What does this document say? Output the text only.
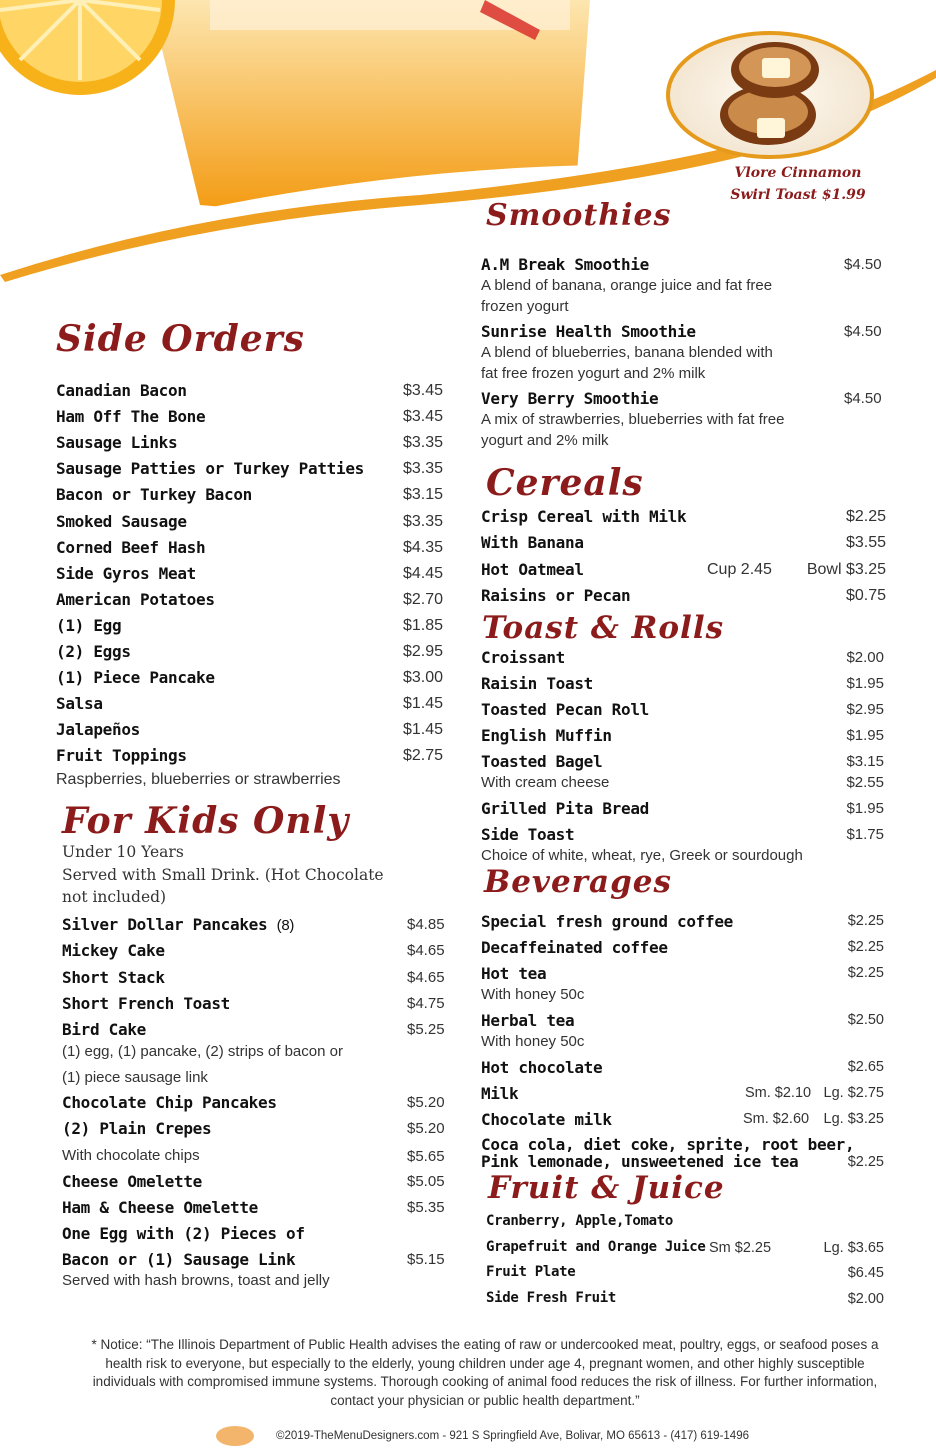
Vlore Cinnamon
Swirl Toast $1.99
Side Orders
For Kids Only
Smoothies
Cereals
Toast & Rolls
Beverages
Fruit & Juice
Canadian Bacon	$3.45
Ham Off The Bone	$3.45
Sausage Links	$3.35
Sausage Patties or Turkey Patties $3.35
Bacon or Turkey Bacon	$3.15
Smoked Sausage	$3.35
Corned Beef Hash	$4.35
Side Gyros Meat	$4.45
American Potatoes	$2.70
(1) Egg	$1.85
(2) Eggs	$2.95
(1) Piece Pancake	$3.00
Salsa	$1.45
Jalapeños	$1.45
Fruit Toppings	$2.75
Raspberries, blueberries or strawberries
Under 10 Years
Served with Small Drink. (Hot Chocolate
not included)
Silver Dollar Pancakes (8)	$4.85
Mickey Cake	$4.65
Short Stack	$4.65
Short French Toast	$4.75
Bird Cake	$5.25
(1) egg, (1) pancake, (2) strips of bacon or
(1) piece sausage link
Chocolate Chip Pancakes	$5.20
(2) Plain Crepes	$5.20
With chocolate chips	$5.65
Cheese Omelette	$5.05
Ham & Cheese Omelette	$5.35
One Egg with (2) Pieces of
Bacon or (1) Sausage Link	$5.15
Served with hash browns, toast and jelly
A.M Break Smoothie	$4.50
A blend of banana, orange juice and fat free
frozen yogurt
Sunrise Health Smoothie	$4.50
A blend of blueberries, banana blended with
fat free frozen yogurt and 2% milk
Very Berry Smoothie	$4.50
A mix of strawberries, blueberries with fat free
yogurt and 2% milk
Crisp Cereal with Milk	$2.25
With Banana	$3.55
Hot Oatmeal	Cup 2.45 Bowl $3.25
Raisins or Pecan	$0.75
Croissant	$2.00
Raisin Toast	$1.95
Toasted Pecan Roll	$2.95
English Muffin	$1.95
Toasted Bagel	$3.15
With cream cheese	$2.55
Grilled Pita Bread	$1.95
Side Toast	$1.75
Choice of white, wheat, rye, Greek or sourdough
Special fresh ground coffee	$2.25
Decaffeinated coffee	$2.25
Hot tea	$2.25
With honey 50c
Herbal tea	$2.50
With honey 50c
Hot chocolate	$2.65
Milk	Sm. $2.10 Lg. $2.75
Chocolate milk	Sm. $2.60 Lg. $3.25
Coca cola, diet coke, sprite, root beer,
Pink lemonade, unsweetened ice tea	$2.25
Cranberry, Apple,Tomato
Grapefruit and Orange Juice Sm $2.25	Lg. $3.65
Fruit Plate	$6.45
Side Fresh Fruit	$2.00
* Notice: “The Illinois Department of Public Health advises the eating of raw or undercooked meat, poultry, eggs, or seafood poses a health risk to everyone, but especially to the elderly, young children under age 4, pregnant women, and other highly susceptible individuals with compromised immune systems. Thorough cooking of animal food reduces the risk of illness. For further information, contact your physician or public health department.”
©2019-TheMenuDesigners.com - 921 S Springfield Ave, Bolivar, MO 65613 - (417) 619-1496
